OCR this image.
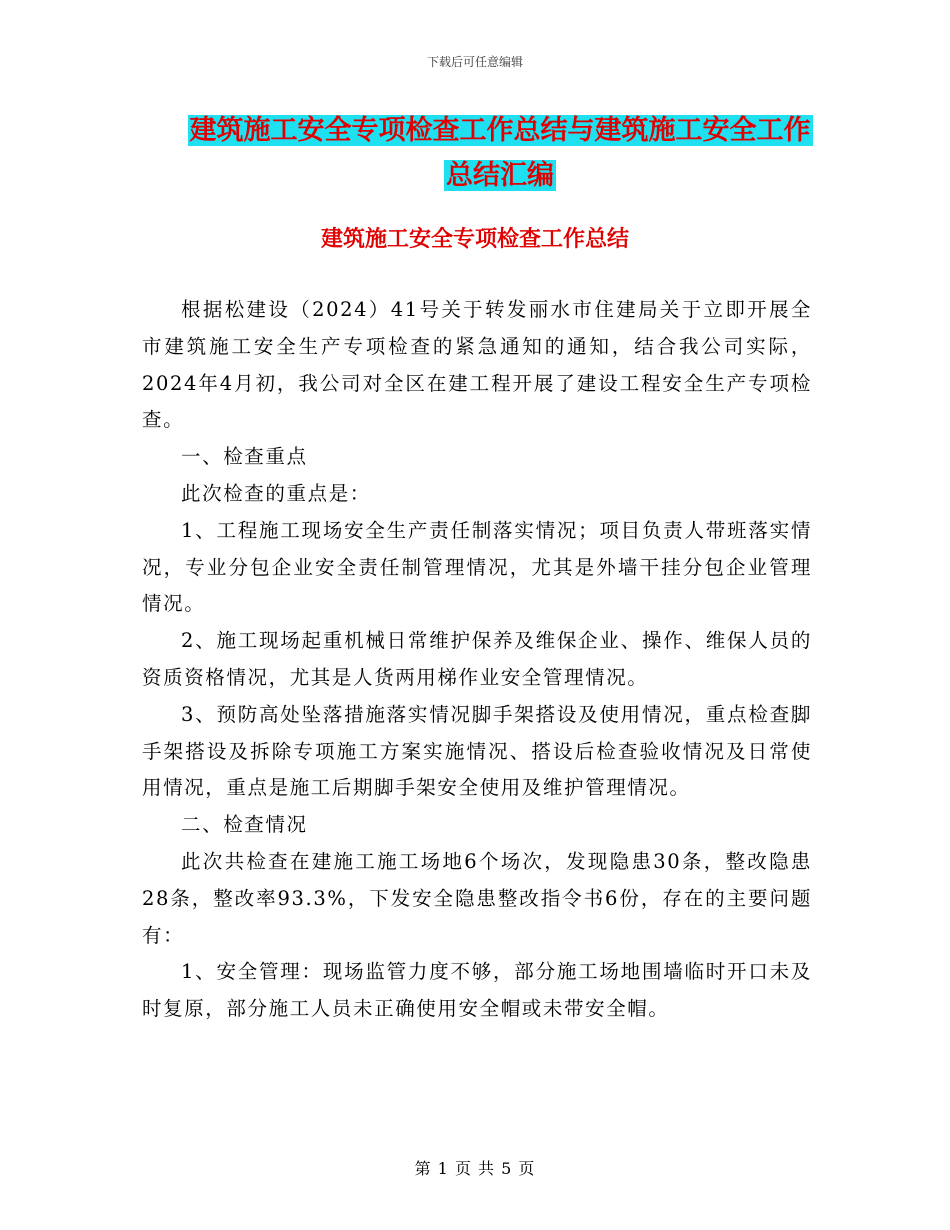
下载后可任意编辑
建筑施工安全专项检查工作总结与建筑施工安全工作
总结汇编
建筑施工安全专项检查工作总结

根据松建设（2024）41号关于转发丽水市住建局关于立即开展全市建筑施工安全生产专项检查的紧急通知的通知，结合我公司实际，2024年4月初，我公司对全区在建工程开展了建设工程安全生产专项检查。

一、检查重点

此次检查的重点是：

1、工程施工现场安全生产责任制落实情况；项目负责人带班落实情况，专业分包企业安全责任制管理情况，尤其是外墙干挂分包企业管理情况。

2、施工现场起重机械日常维护保养及维保企业、操作、维保人员的资质资格情况，尤其是人货两用梯作业安全管理情况。

3、预防高处坠落措施落实情况脚手架搭设及使用情况，重点检查脚手架搭设及拆除专项施工方案实施情况、搭设后检查验收情况及日常使用情况，重点是施工后期脚手架安全使用及维护管理情况。

二、检查情况

此次共检查在建施工施工场地6个场次，发现隐患30条，整改隐患28条，整改率93.3%，下发安全隐患整改指令书6份，存在的主要问题有：

1、安全管理：现场监管力度不够，部分施工场地围墙临时开口未及时复原，部分施工人员未正确使用安全帽或未带安全帽。

第 1 页 共 5 页
